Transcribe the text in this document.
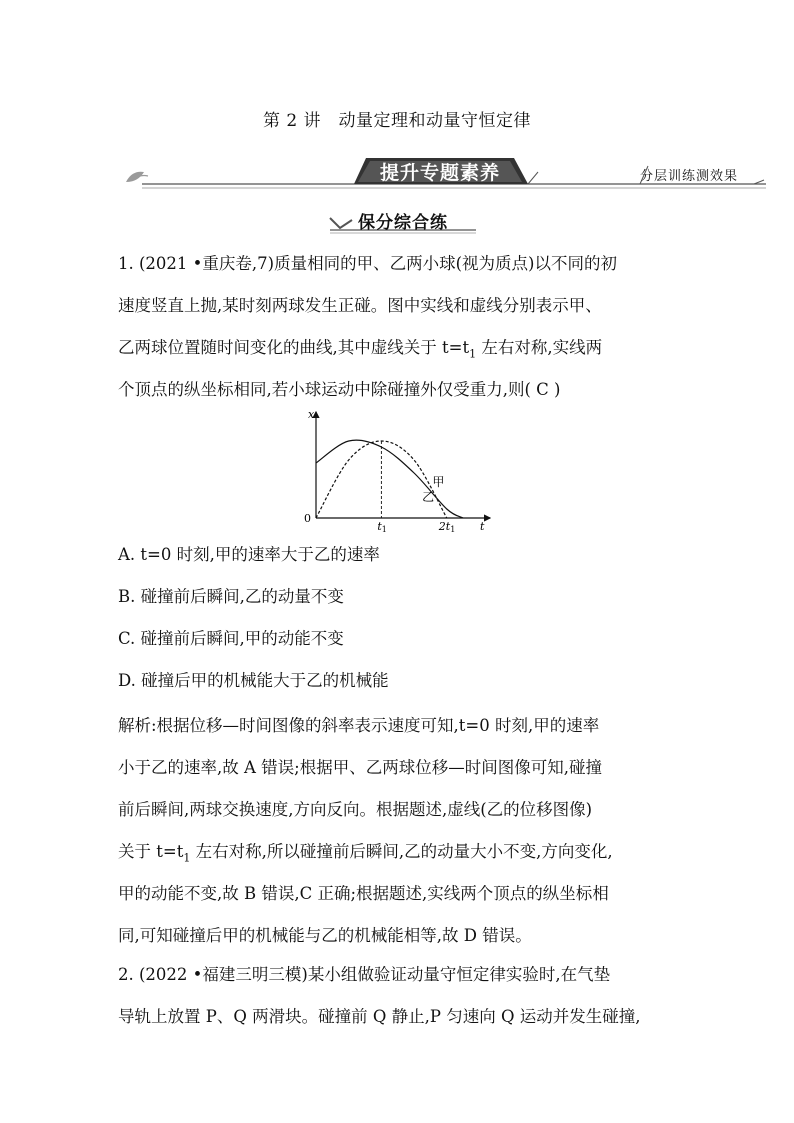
第 2 讲　动量定理和动量守恒定律
提升专题素养	分层训练测效果
保分综合练
1. (2021 •重庆卷,7)质量相同的甲、乙两小球(视为质点)以不同的初
速度竖直上抛,某时刻两球发生正碰。图中实线和虚线分别表示甲、
乙两球位置随时间变化的曲线,其中虚线关于 $t=t_1$ 左右对称,实线两
个顶点的纵坐标相同,若小球运动中除碰撞外仅受重力,则( C )
x
t
0
甲
乙
t1	2t1
A. t=0 时刻,甲的速率大于乙的速率
B. 碰撞前后瞬间,乙的动量不变
C. 碰撞前后瞬间,甲的动能不变
D. 碰撞后甲的机械能大于乙的机械能
解析:根据位移—时间图像的斜率表示速度可知,t=0 时刻,甲的速率
小于乙的速率,故 A 错误;根据甲、乙两球位移—时间图像可知,碰撞
前后瞬间,两球交换速度,方向反向。根据题述,虚线(乙的位移图像)
关于 $t=t_1$ 左右对称,所以碰撞前后瞬间,乙的动量大小不变,方向变化,
甲的动能不变,故 B 错误,C 正确;根据题述,实线两个顶点的纵坐标相
同,可知碰撞后甲的机械能与乙的机械能相等,故 D 错误。
2. (2022 •福建三明三模)某小组做验证动量守恒定律实验时,在气垫
导轨上放置 P、Q 两滑块。碰撞前 Q 静止,P 匀速向 Q 运动并发生碰撞,
